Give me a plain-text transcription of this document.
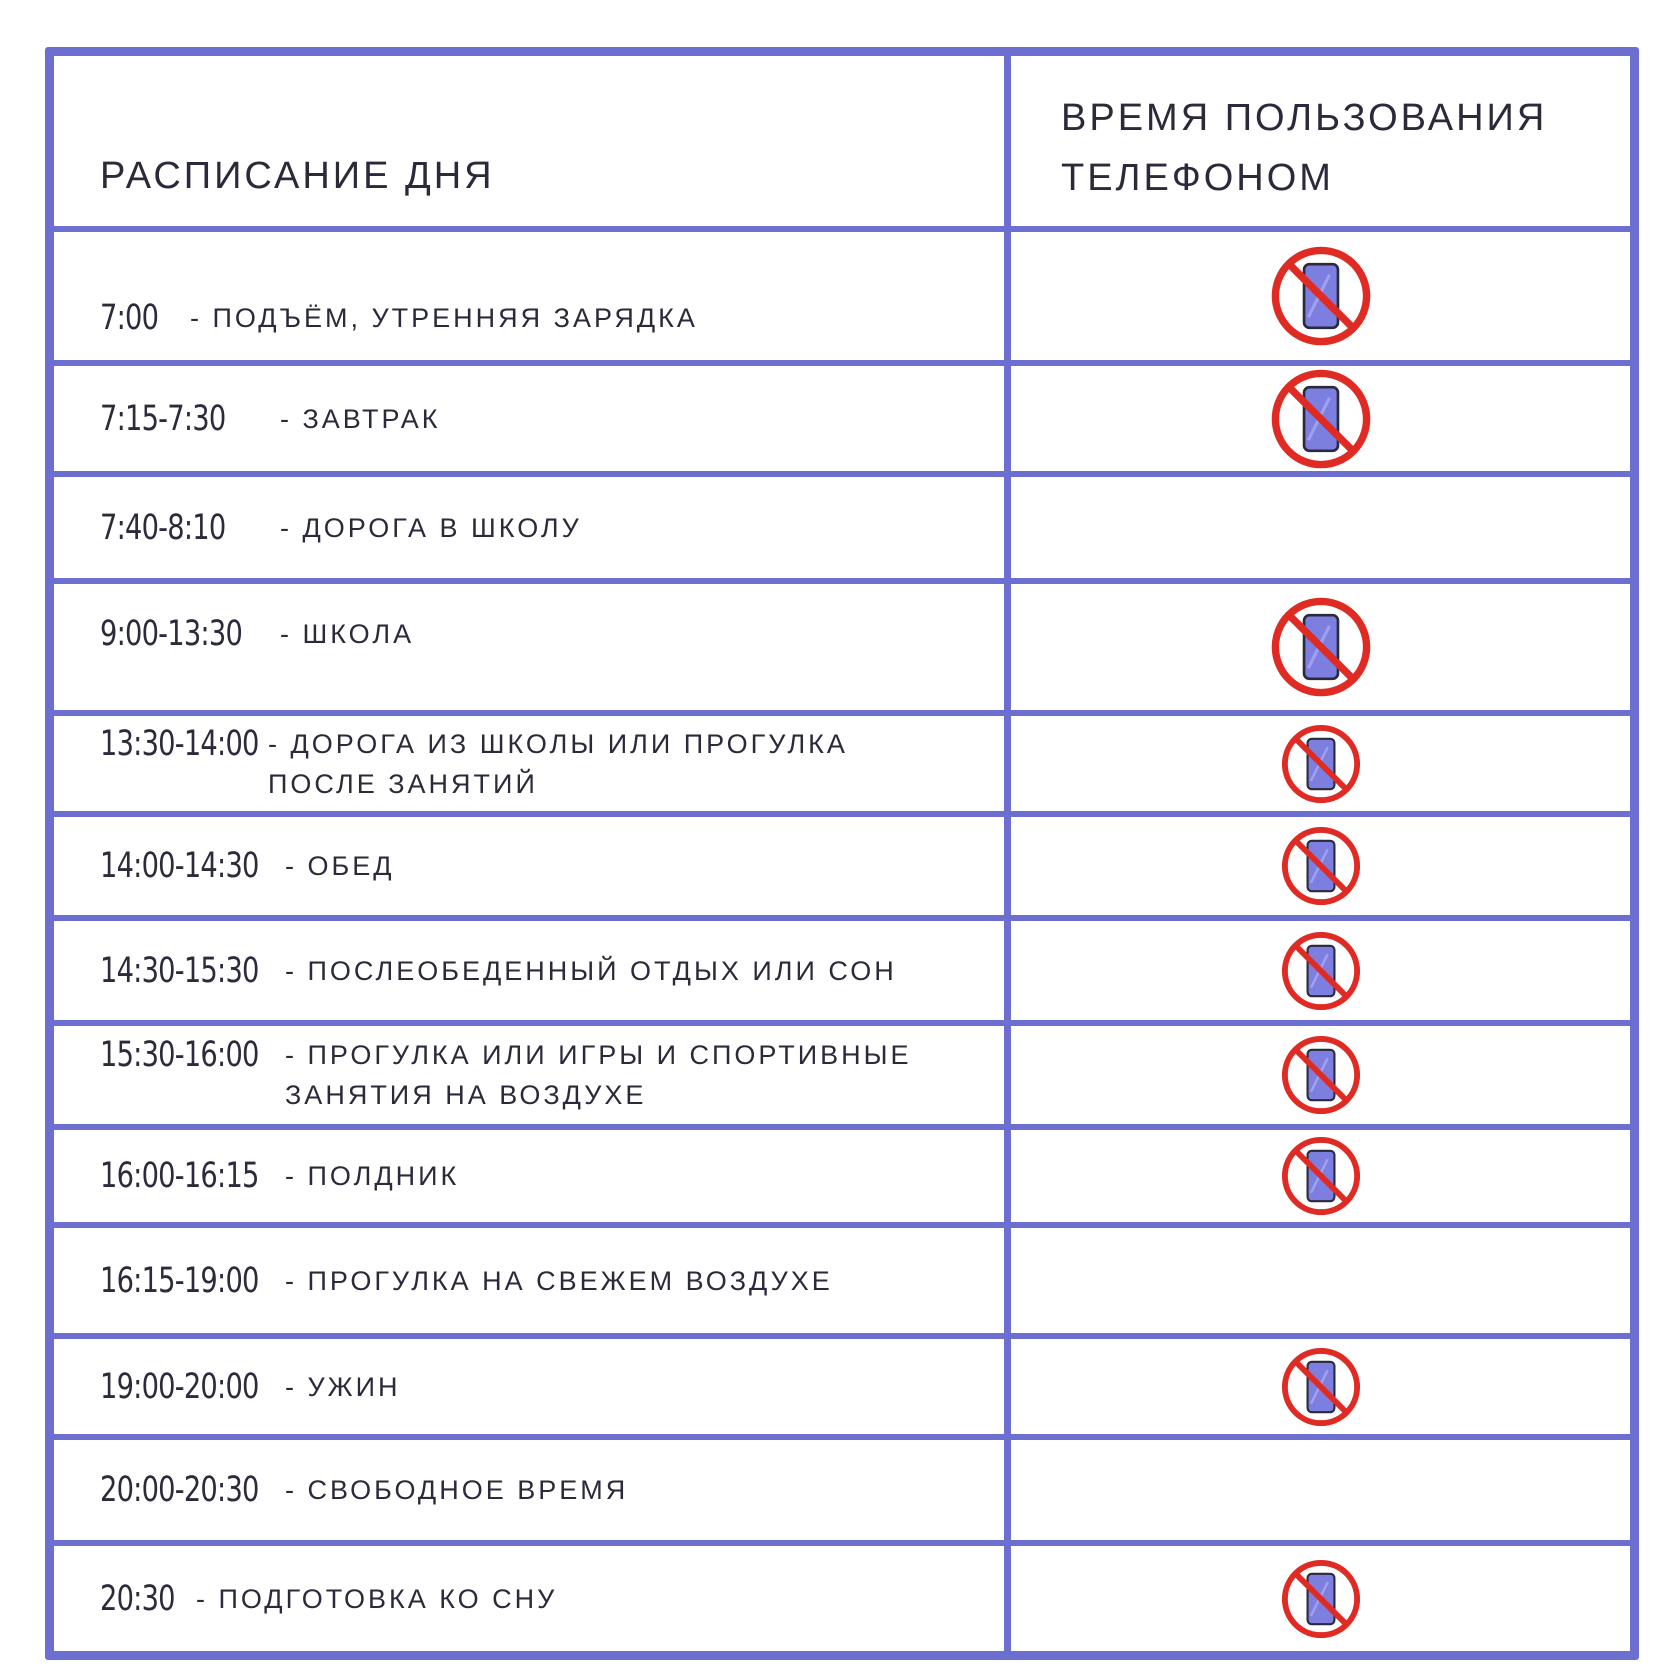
РАСПИСАНИЕ ДНЯ
ВРЕМЯ ПОЛЬЗОВАНИЯ ТЕЛЕФОНОМ
7:00	- ПОДЪЁМ, УТРЕННЯЯ ЗАРЯДКА
7:15-7:30	- ЗАВТРАК
7:40-8:10	- ДОРОГА В ШКОЛУ
9:00-13:30 - ШКОЛА
13:30-14:00 - ДОРОГА ИЗ ШКОЛЫ ИЛИ ПРОГУЛКА ПОСЛЕ ЗАНЯТИЙ
14:00-14:30 - ОБЕД
14:30-15:30 - ПОСЛЕОБЕДЕННЫЙ ОТДЫХ ИЛИ СОН
15:30-16:00 - ПРОГУЛКА ИЛИ ИГРЫ И СПОРТИВНЫЕ ЗАНЯТИЯ НА ВОЗДУХЕ
16:00-16:15 - ПОЛДНИК
16:15-19:00 - ПРОГУЛКА НА СВЕЖЕМ ВОЗДУХЕ
19:00-20:00 - УЖИН
20:00-20:30 - СВОБОДНОЕ ВРЕМЯ
20:30 - ПОДГОТОВКА КО СНУ
